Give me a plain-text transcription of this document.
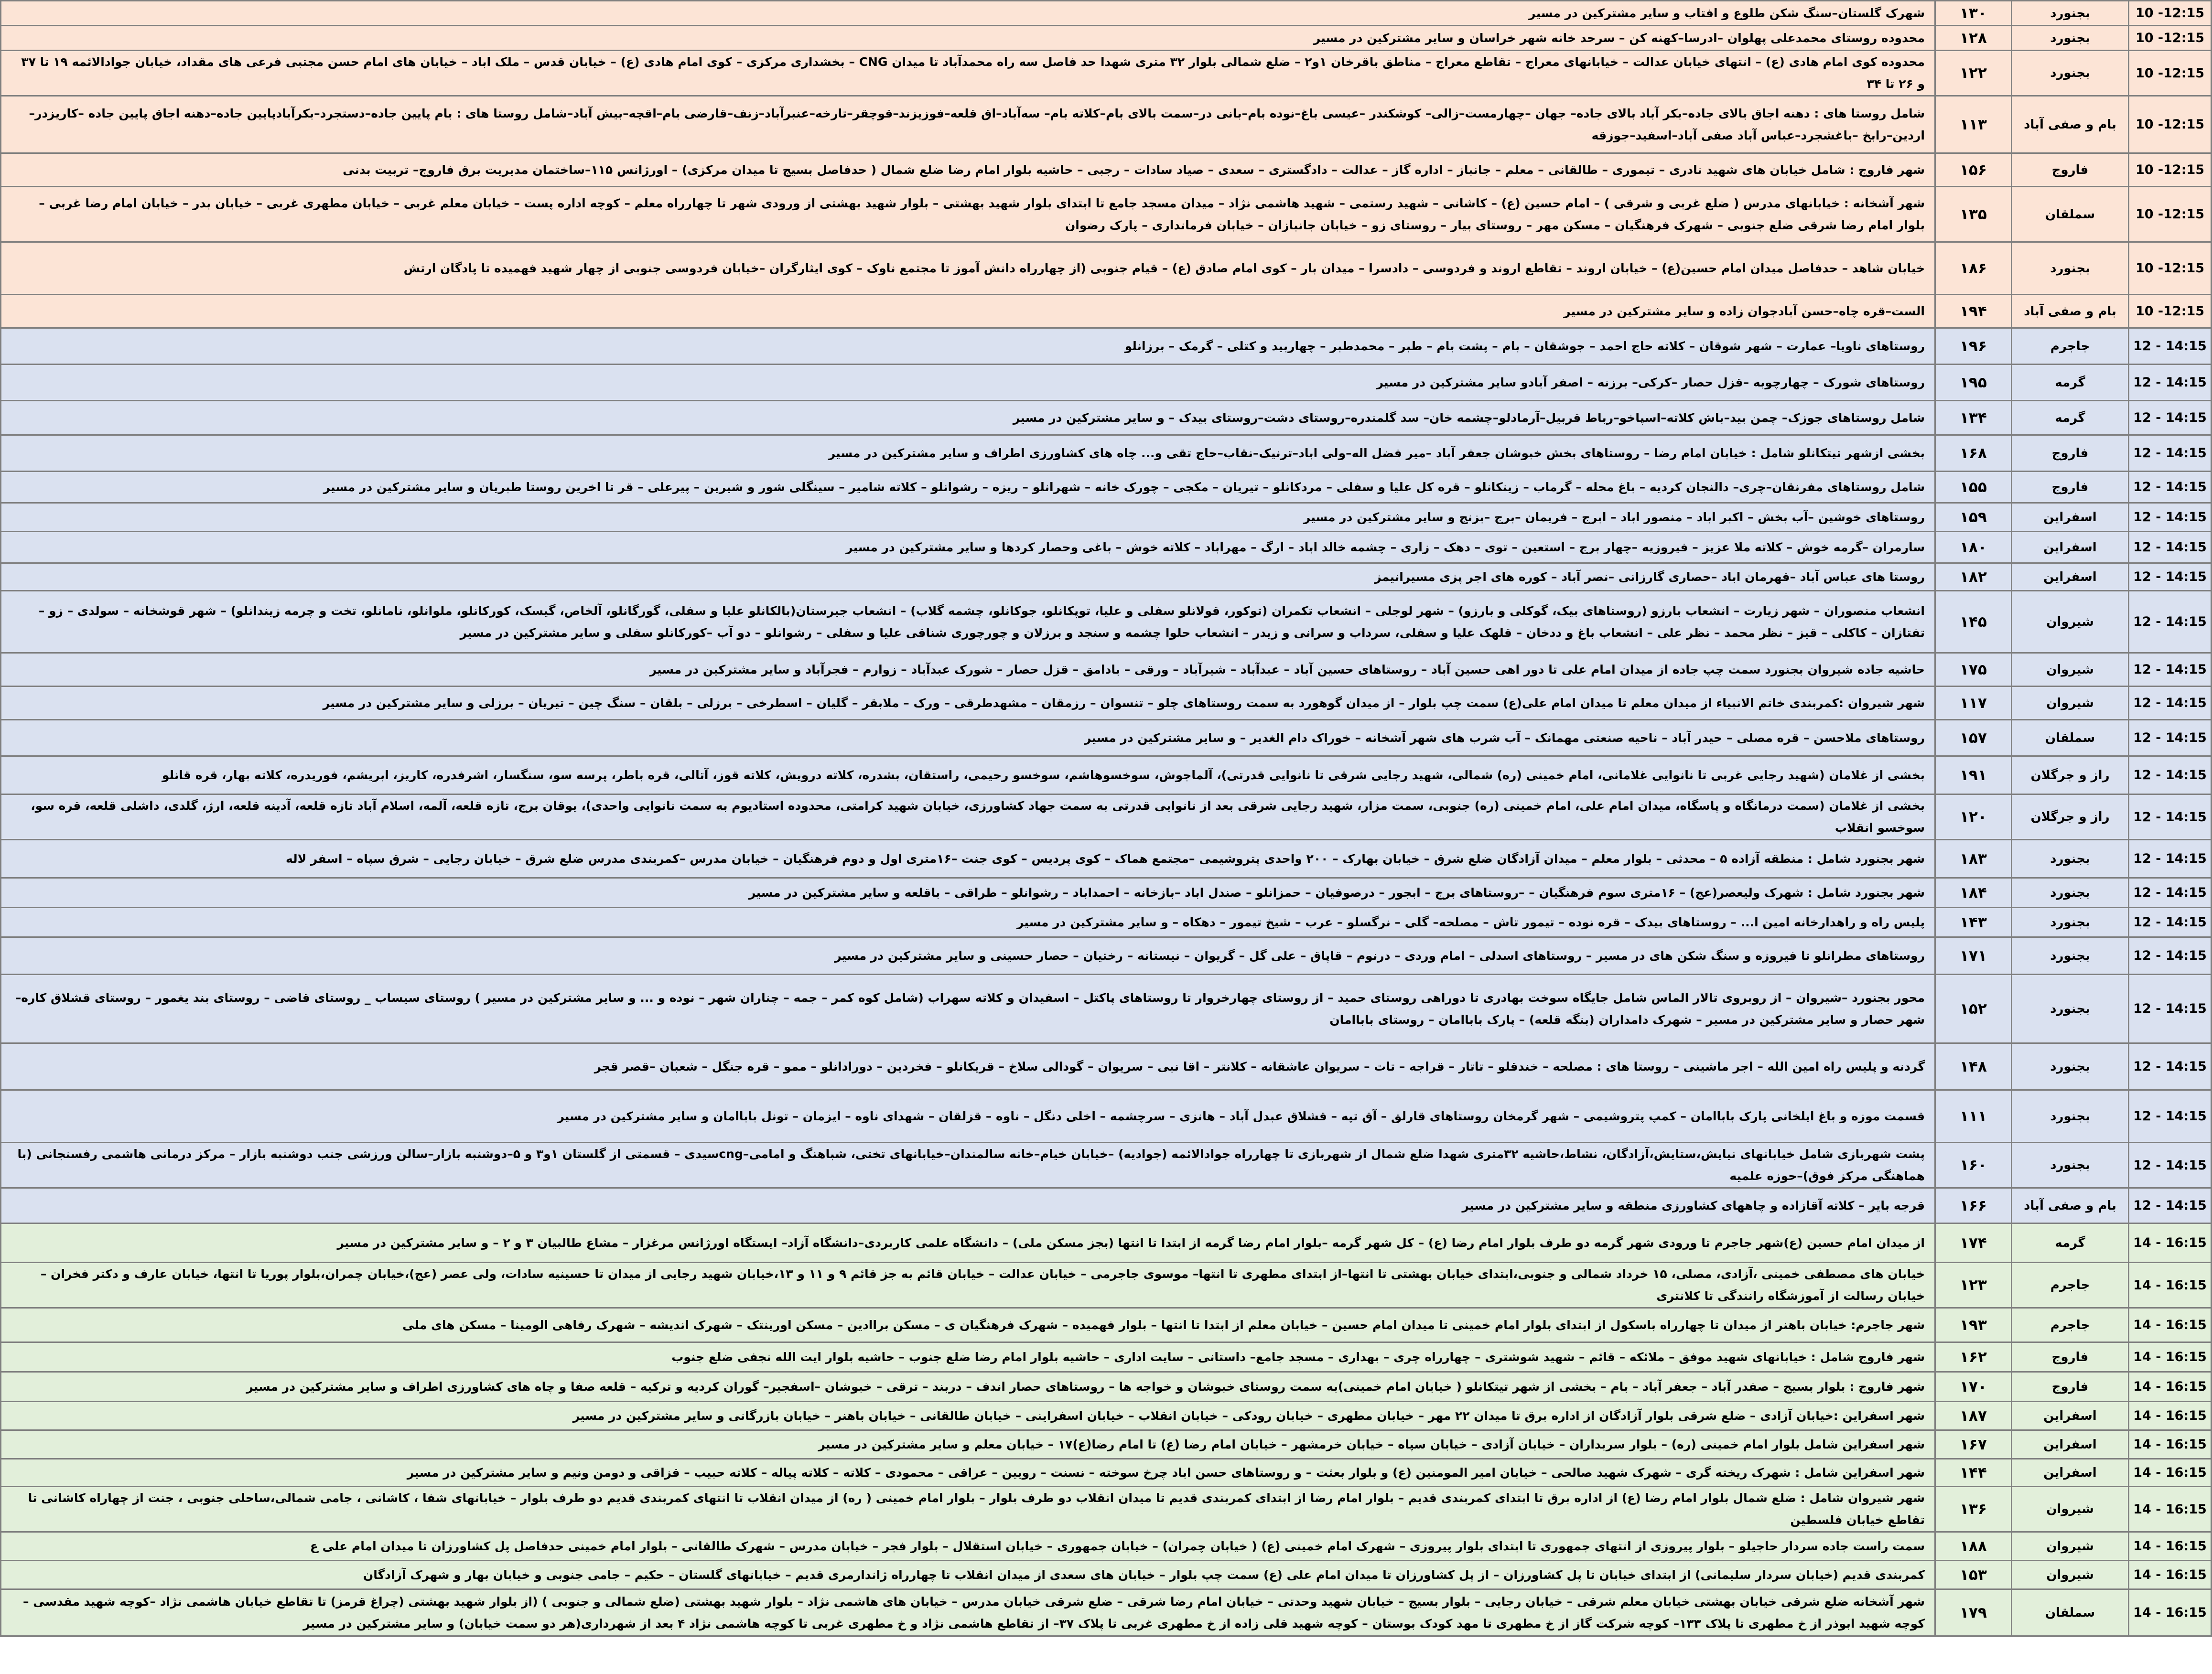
10 -12:15	بجنورد	۱۳۰	شهرک گلستان–سنگ شکن طلوع و افتاب و سایر مشترکین در مسیر
10 -12:15	بجنورد	۱۲۸	محدوده روستای محمدعلی پهلوان –ادرسا–کهنه کن – سرحد خانه شهر خراسان و سایر مشترکین در مسیر
10 -12:15	بجنورد	۱۲۲	محدوده کوی امام هادی (ع) – انتهای خیابان عدالت – خیابانهای معراج – تقاطع معراج – مناطق باقرخان ۱و۲ – ضلع شمالی بلوار ۳۲ متری شهدا حد فاصل سه راه محمدآباد تا میدان CNG – بخشداری مرکزی – کوی امام هادی (ع) – خیابان قدس – ملک اباد – خیابان های امام حسن مجتبی فرعی های مقداد، خیابان جوادالائمه ۱۹ تا ۳۷ و ۲۶ تا ۳۴
10 -12:15	بام و صفی آباد	۱۱۳	شامل روستا های : دهنه اجاق بالای جاده–بکر آباد بالای جاده– جهان –چهارمست–زالی– کوشکندر –عیسی باغ–نوده بام–بانی در–سمت بالای بام–کلاته بام– سه‌آباد–اق قلعه–فوزیزند–قوچقر–تارخه–عنبرآباد–زنف–قارضی بام–اقچه–بیش آباد–شامل روستا های : بام پایین جاده–دستجرد–بکرآبادپایین جاده–دهنه اجاق پایین جاده –کاریزدر–اردین–رابخ –باغشجرد–عباس آباد صفی آباد–اسفید–جوزقه
10 -12:15	فاروج	۱۵۶	شهر فاروج : شامل خیابان های شهید نادری – تیموری – طالقانی – معلم – جانباز – اداره گاز – عدالت – دادگستری – سعدی – صیاد سادات – رجبی – حاشیه بلوار امام رضا ضلع شمال ( حدفاصل بسیج تا میدان مرکزی) – اورژانس ۱۱۵–ساختمان مدیریت برق فاروج– تربیت بدنی
10 -12:15	سملقان	۱۳۵	شهر آشخانه : خیابانهای مدرس ( ضلع غربی و شرقی ) – امام حسین (ع) – کاشانی – شهید رستمی – شهید هاشمی نژاد – میدان مسجد جامع تا ابتدای بلوار شهید بهشتی – بلوار شهید بهشتی از ورودی شهر تا چهارراه معلم – کوچه اداره پست – خیابان معلم غربی – خیابان مطهری غربی – خیابان بدر – خیابان امام رضا غربی – بلوار امام رضا شرقی ضلع جنوبی – شهرک فرهنگیان – مسکن مهر – روستای بیار – روستای زو – خیابان جانبازان – خیابان فرمانداری – پارک رضوان
10 -12:15	بجنورد	۱۸۶	خیابان شاهد – حدفاصل میدان امام حسین(ع) – خیابان اروند – تقاطع اروند و فردوسی – دادسرا – میدان بار – کوی امام صادق (ع) – قیام جنوبی (از چهارراه دانش آموز تا مجتمع ناوک – کوی ایثارگران –خیابان فردوسی جنوبی از چهار شهید فهمیده تا پادگان ارتش
10 -12:15	بام و صفی آباد	۱۹۴	الست–قره چاه–حسن آبادجوان زاده و سایر مشترکین در مسیر
12 - 14:15	جاجرم	۱۹۶	روستاهای ناویا– عمارت – شهر شوقان – کلاته حاج احمد – جوشقان – بام – پشت بام – طبر – محمدطبر – چهاربید و کتلی – گرمک – برزانلو
12 - 14:15	گرمه	۱۹۵	روستاهای شورک – چهارچوبه –قزل حصار –کرکی– برزنه – اصفر آبادو سایر مشترکین در مسیر
12 - 14:15	گرمه	۱۳۴	شامل روستاهای جوزک– چمن بید–باش کلاته–اسپاخو–رباط قربیل–آرمادلو–چشمه خان– سد گلمندره–روستای دشت–روستای بیدک – و سایر مشترکین در مسیر
12 - 14:15	فاروج	۱۶۸	بخشی ازشهر تیتکانلو شامل : خیابان امام رضا – روستاهای بخش خبوشان جعفر آباد –میر فضل اله–ولی اباد–ترنیک–نقاب–حاج تقی و... چاه های کشاورزی اطراف و سایر مشترکین در مسیر
12 - 14:15	فاروج	۱۵۵	شامل روستاهای مفرنقان–چری– دالنجان کردیه – باغ محله – گرماب – زینکانلو – قره کل علیا و سفلی – مردکانلو – تیریان – مکجی – چورک خانه – شهرانلو – ریزه – رشوانلو – کلاته شامیر – سینگلی شور و شیرین – پیرعلی – قر تا اخرین روستا طبریان و سایر مشترکین در مسیر
12 - 14:15	اسفراین	۱۵۹	روستاهای خوشین –آب بخش – اکبر اباد – منصور اباد – ابرج – فریمان –برج –بزنج و سایر مشترکین در مسیر
12 - 14:15	اسفراین	۱۸۰	سارمران –گرمه خوش – کلاته ملا عزیز – فیروزیه –چهار برج – استعین – توی – دهک – زاری – چشمه خالد اباد – ارگ – مهراباد – کلاته خوش – باغی وحصار کردها و سایر مشترکین در مسیر
12 - 14:15	اسفراین	۱۸۲	روستا های عباس آباد –قهرمان اباد –حصاری گارزانی –نصر آباد – کوره های اجر پزی مسیرانیمز
12 - 14:15	شیروان	۱۴۵	انشعاب منصوران – شهر زیارت – انشعاب بارزو (روستاهای بیک، گوکلی و بارزو) – شهر لوجلی – انشعاب تکمران (توکور، قولانلو سفلی و علیا، توپکانلو، جوکانلو، چشمه گلاب) – انشعاب جیرستان(بالکانلو علیا و سفلی، گورگانلو، آلخاص، گیسک، کورکانلو، ملوانلو، نامانلو، تخت و چرمه زیندانلو) – شهر قوشخانه – سولدی – زو – تفتازان – کاکلی – قیز – نظر محمد – نظر علی – انشعاب باغ و ددخان – قلهک علیا و سفلی، سرداب و سرانی و زیدر – انشعاب حلوا چشمه و سنجد و برزلان و چورچوری شناقی علیا و سفلی – رشوانلو – دو آب –کورکانلو سفلی و سایر مشترکین در مسیر
12 - 14:15	شیروان	۱۷۵	حاشیه جاده شیروان بجنورد سمت چپ جاده از میدان امام علی تا دور اهی حسین آباد – روستاهای حسین آباد – عبدآباد – شیرآباد – ورقی – بادامق – قزل حصار – شورک عبدآباد – زوارم – فجرآباد و سایر مشترکین در مسیر
12 - 14:15	شیروان	۱۱۷	شهر شیروان :کمربندی خاتم الانبیاء از میدان معلم تا میدان امام علی(ع) سمت چپ بلوار – از میدان گوهورد به سمت روستاهای چلو – تنسوان – رزمقان – مشهدطرقی – ورک – ملابقر – گلیان – اسطرخی – برزلی – بلقان – سنگ چین – تیریان – برزلی و سایر مشترکین در مسیر
12 - 14:15	سملقان	۱۵۷	روستاهای ملاحسن – قره مصلی – حیدر آباد – ناحیه صنعتی مهمانک – آب شرب های شهر آشخانه – خوراک دام الغدیر – و سایر مشترکین در مسیر
12 - 14:15	راز و جرگلان	۱۹۱	بخشی از غلامان (شهید رجایی غربی تا نانوایی غلامانی، امام خمینی (ره) شمالی، شهید رجایی شرقی تا نانوایی قدرتی)، آلماجوش، سوخسوهاشم، سوخسو رحیمی، راستقان، بشدره، کلاته درویش، کلاته قوز، آتالی، قره باطر، پرسه سو، سنگسار، اشرفدره، کاریز، ابریشم، فوریدره، کلاته بهار، قره قانلو
12 - 14:15	راز و جرگلان	۱۲۰	بخشی از غلامان (سمت درمانگاه و پاسگاه، میدان امام علی، امام خمینی (ره) جنوبی، سمت مزار، شهید رجایی شرقی بعد از نانوایی قدرتی به سمت جهاد کشاورزی، خیابان شهید کرامتی، محدوده استادیوم به سمت نانوایی واحدی)، یوقان برج، تازه قلعه، آلمه، اسلام آباد تازه قلعه، آدینه قلعه، ارژ، گلدی، داشلی قلعه، قره سو، سوخسو انقلاب
12 - 14:15	بجنورد	۱۸۳	شهر بجنورد شامل : منطقه آزاده ۵ – محدثی – بلوار معلم – میدان آزادگان ضلع شرق – خیابان بهارک – ۲۰۰ واحدی پتروشیمی –مجتمع هماک – کوی پردیس – کوی جنت –۱۶متری اول و دوم فرهنگیان – خیابان مدرس –کمربندی مدرس ضلع شرق – خیابان رجایی – شرق سپاه – اسفر لاله
12 - 14:15	بجنورد	۱۸۴	شهر بجنورد شامل : شهرک ولیعصر(عج) – ۱۶متری سوم فرهنگیان – –روستاهای برج – ابجور – درصوفیان – حمزانلو – صندل اباد –بازخانه – احمداباد – رشوانلو – طراقی – باقلعه و سایر مشترکین در مسیر
12 - 14:15	بجنورد	۱۴۳	پلیس راه و راهدارخانه امین ا... – روستاهای بیدک – قره نوده – تیمور تاش – مصلحه– گلی – نرگسلو – عرب – شیخ تیمور – دهکاه – و سایر مشترکین در مسیر
12 - 14:15	بجنورد	۱۷۱	روستاهای مطرانلو تا فیروزه و سنگ شکن های در مسیر – روستاهای اسدلی – امام وردی – درنوم – قاپاق – علی گل – گریوان – نیستانه – رختیان – حصار حسینی و سایر مشترکین در مسیر
12 - 14:15	بجنورد	۱۵۲	محور بجنورد –شیروان – از روبروی تالار الماس شامل جایگاه سوخت بهادری تا دوراهی روستای حمید – از روستای چهارخروار تا روستاهای پاکتل – اسفیدان و کلاته سهراب (شامل کوه کمر – جمه – چناران شهر – نوده و ... و سایر مشترکین در مسیر ) روستای سیساب _ روستای قاضی – روستای بند یغمور – روستای قشلاق کاره– شهر حصار و سایر مشترکین در مسیر – شهرک دامداران (بنگه قلعه) – پارک باباامان – روستای باباامان
12 - 14:15	بجنورد	۱۴۸	گردنه و پلیس راه امین الله – اجر ماشینی – روستا های : مصلحه – خندقلو – تاتار – قراجه – تات – سریوان عاشقانه – کلانتر – اقا نبی – سریوان – گودالی سلاخ – قریکانلو – فخردین – دورادانلو – ممو – قره جنگل – شعبان –قصر قجر
12 - 14:15	بجنورد	۱۱۱	قسمت موزه و باغ ایلخانی پارک باباامان – کمپ پتروشیمی – شهر گرمخان روستاهای قارلق – آق تپه – قشلاق عبدل آباد – هانزی – سرچشمه – اخلی دنگل – ناوه – قزلقان – شهدای ناوه – ایزمان – تونل باباامان و سایر مشترکین در مسیر
12 - 14:15	بجنورد	۱۶۰	پشت شهربازی شامل خیابانهای نیایش،ستایش،آزادگان، نشاط،حاشیه ۳۲متری شهدا ضلع شمال از شهربازی تا چهارراه جوادالائمه (جوادیه) –خیابان خیام–خانه سالمندان–خیابانهای تختی، شباهنگ و امامی–cngسیدی – قسمتی از گلستان ۱و۳ و ۵–دوشنبه بازار–سالن ورزشی جنب دوشنبه بازار – مرکز درمانی هاشمی رفسنجانی (با هماهنگی مرکز فوق)–حوزه علمیه
12 - 14:15	بام و صفی آباد	۱۶۶	قرجه بایر – کلاته آقازاده و چاههای کشاورزی منطقه و سایر مشترکین در مسیر
14 - 16:15	گرمه	۱۷۴	از میدان امام حسین (ع)شهر جاجرم تا ورودی شهر گرمه دو طرف بلوار امام رضا (ع) – کل شهر گرمه –بلوار امام رضا گرمه از ابتدا تا انتها (بجز مسکن ملی) – دانشگاه علمی کاربردی–دانشگاه آزاد– ایستگاه اورژانس مرغزار – مشاع طالبیان ۳ و ۲ – و سایر مشترکین در مسیر
14 - 16:15	جاجرم	۱۲۳	خیابان های مصطفی خمینی ،آزادی، مصلی، ۱۵ خرداد شمالی و جنوبی،ابتدای خیابان بهشتی تا انتها–از ابتدای مطهری تا انتها– موسوی جاجرمی – خیابان عدالت – خیابان قائم به جز قائم ۹ و ۱۱ و ۱۳،خیابان شهید رجایی از میدان تا حسینیه سادات، ولی عصر (عج)،خیابان چمران،بلوار پوریا تا انتها، خیابان عارف و دکتر فخران –خیابان رسالت از آموزشگاه رانندگی تا کلانتری
14 - 16:15	جاجرم	۱۹۳	شهر جاجرم: خیابان باهنر از میدان تا چهارراه باسکول از ابتدای بلوار امام خمینی تا میدان امام حسین – خیابان معلم از ابتدا تا انتها – بلوار فهمیده – شهرک فرهنگیان ی – مسکن براادین – مسکن اورینتک – شهرک اندیشه – شهرک رفاهی الومینا – مسکن های ملی
14 - 16:15	فاروج	۱۶۲	شهر فاروج شامل : خیابانهای شهید موفق – ملائکه – قائم – شهید شوشتری – چهارراه چری – بهداری – مسجد جامع– داستانی – سایت اداری – حاشیه بلوار امام رضا ضلع جنوب – حاشیه بلوار ایت الله نجفی ضلع جنوب
14 - 16:15	فاروج	۱۷۰	شهر فاروج : بلوار بسیج – صفدر آباد – جعفر آباد – بام – بخشی از شهر تیتکانلو ( خیابان امام خمینی)به سمت روستای خبوشان و خواجه ها – روستاهای حصار اندف – دربند – ترقی – خبوشان –اسفجیر– گوران کردیه و ترکیه – قلعه صفا و چاه های کشاورزی اطراف و سایر مشترکین در مسیر
14 - 16:15	اسفراین	۱۸۷	شهر اسفراین :خیابان آزادی – ضلع شرقی بلوار آزادگان از اداره برق تا میدان ۲۲ مهر – خیابان مطهری – خیابان رودکی – خیابان انقلاب – خیابان اسفراینی – خیابان طالقانی – خیابان باهنر – خیابان بازرگانی و سایر مشترکین در مسیر
14 - 16:15	اسفراین	۱۶۷	شهر اسفراین شامل بلوار امام خمینی (ره) – بلوار سربداران – خیابان آزادی – خیابان سپاه – خیابان خرمشهر – خیابان امام رضا (ع) تا امام رضا(ع)۱۷ – خیابان معلم و سایر مشترکین در مسیر
14 - 16:15	اسفراین	۱۴۴	شهر اسفراین شامل : شهرک ریخته گری – شهرک شهید صالحی – خیابان امیر المومنین (ع) و بلوار بعثت – و روستاهای حسن اباد چرخ سوخته – نسنت – رویین – عراقی – محمودی – کلاته – کلاته پیاله – کلاته حبیب – قزاقی و دومن ونیم و سایر مشترکین در مسیر
14 - 16:15	شیروان	۱۳۶	شهر شیروان شامل : ضلع شمال بلوار امام رضا (ع) از اداره برق تا ابتدای کمربندی قدیم – بلوار امام رضا از ابتدای کمربندی قدیم تا میدان انقلاب دو طرف بلوار – بلوار امام خمینی ( ره) از میدان انقلاب تا انتهای کمربندی قدیم دو طرف بلوار – خیابانهای شفا ، کاشانی ، جامی شمالی،ساحلی جنوبی ، جنت از چهاراه کاشانی تا تقاطع خیابان فلسطین
14 - 16:15	شیروان	۱۸۸	سمت راست جاده سردار حاجیلو – بلوار پیروزی از انتهای جمهوری تا ابتدای بلوار پیروزی – شهرک امام خمینی (ع) ( خیابان چمران) – خیابان جمهوری – خیابان استقلال – بلوار فجر – خیابان مدرس – شهرک طالقانی – بلوار امام خمینی حدفاصل پل کشاورزان تا میدان امام علی ع
14 - 16:15	شیروان	۱۵۳	کمربندی قدیم (خیابان سردار سلیمانی) از ابتدای خیابان تا پل کشاورزان – از پل کشاورزان تا میدان امام علی (ع) سمت چپ بلوار – خیابان های سعدی از میدان انقلاب تا چهارراه ژاندارمری قدیم – خیابانهای گلستان – حکیم – جامی جنوبی و خیابان بهار و شهرک آزادگان
14 - 16:15	سملقان	۱۷۹	شهر آشخانه ضلع شرقی خیابان بهشتی خیابان معلم شرقی – خیابان رجایی – بلوار بسیج – خیابان شهید وحدتی – خیابان امام رضا شرقی – ضلع شرقی خیابان مدرس – خیابان های هاشمی نژاد – بلوار شهید بهشتی (ضلع شمالی و جنوبی ) (از بلوار شهید بهشتی (چراغ قرمز) تا تقاطع خیابان هاشمی نژاد –کوچه شهید مقدسی –کوچه شهید ابوذر از خ مطهری تا پلاک ۱۳۳– کوچه شرکت گاز از خ مطهری تا مهد کودک بوستان – کوچه شهید قلی زاده از خ مطهری غربی تا پلاک ۳۷– از تقاطع هاشمی نژاد و خ مطهری غربی تا کوچه هاشمی نژاد ۴ بعد از شهرداری(هر دو سمت خیابان) و سایر مشترکین در مسیر
